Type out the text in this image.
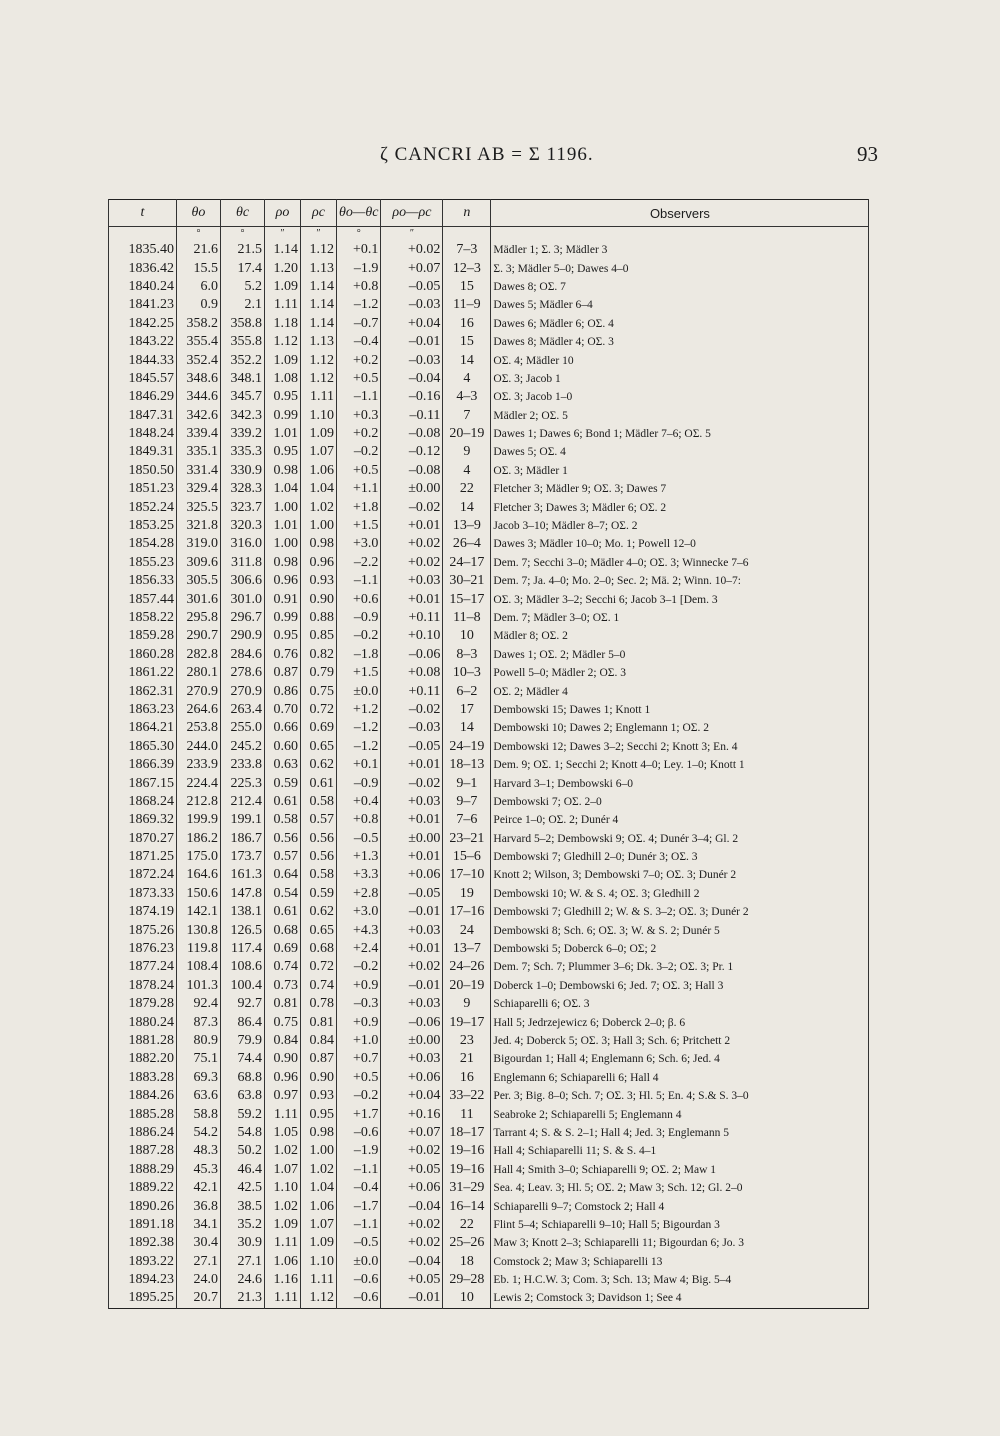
ζ CANCRI AB = Σ 1196.	93
t	θo	θc	ρo	ρc	θo—θc	ρo—ρc	n	Observers
	°	°	″	″	°	″		
1835.40	21.6	21.5	1.14	1.12	+0.1	+0.02	7–3	Mädler 1; Σ. 3; Mädler 3
1836.42	15.5	17.4	1.20	1.13	–1.9	+0.07	12–3	Σ. 3; Mädler 5–0; Dawes 4–0
1840.24	6.0	5.2	1.09	1.14	+0.8	–0.05	15	Dawes 8; OΣ. 7
1841.23	0.9	2.1	1.11	1.14	–1.2	–0.03	11–9	Dawes 5; Mädler 6–4
1842.25	358.2	358.8	1.18	1.14	–0.7	+0.04	16	Dawes 6; Mädler 6; OΣ. 4
1843.22	355.4	355.8	1.12	1.13	–0.4	–0.01	15	Dawes 8; Mädler 4; OΣ. 3
1844.33	352.4	352.2	1.09	1.12	+0.2	–0.03	14	OΣ. 4; Mädler 10
1845.57	348.6	348.1	1.08	1.12	+0.5	–0.04	4	OΣ. 3; Jacob 1
1846.29	344.6	345.7	0.95	1.11	–1.1	–0.16	4–3	OΣ. 3; Jacob 1–0
1847.31	342.6	342.3	0.99	1.10	+0.3	–0.11	7	Mädler 2; OΣ. 5
1848.24	339.4	339.2	1.01	1.09	+0.2	–0.08	20–19	Dawes 1; Dawes 6; Bond 1; Mädler 7–6; OΣ. 5
1849.31	335.1	335.3	0.95	1.07	–0.2	–0.12	9	Dawes 5; OΣ. 4
1850.50	331.4	330.9	0.98	1.06	+0.5	–0.08	4	OΣ. 3; Mädler 1
1851.23	329.4	328.3	1.04	1.04	+1.1	±0.00	22	Fletcher 3; Mädler 9; OΣ. 3; Dawes 7
1852.24	325.5	323.7	1.00	1.02	+1.8	–0.02	14	Fletcher 3; Dawes 3; Mädler 6; OΣ. 2
1853.25	321.8	320.3	1.01	1.00	+1.5	+0.01	13–9	Jacob 3–10; Mädler 8–7; OΣ. 2
1854.28	319.0	316.0	1.00	0.98	+3.0	+0.02	26–4	Dawes 3; Mädler 10–0; Mo. 1; Powell 12–0
1855.23	309.6	311.8	0.98	0.96	–2.2	+0.02	24–17	Dem. 7; Secchi 3–0; Mädler 4–0; OΣ. 3; Winnecke 7–6
1856.33	305.5	306.6	0.96	0.93	–1.1	+0.03	30–21	Dem. 7; Ja. 4–0; Mo. 2–0; Sec. 2; Mä. 2; Winn. 10–7:
1857.44	301.6	301.0	0.91	0.90	+0.6	+0.01	15–17	OΣ. 3; Mädler 3–2; Secchi 6; Jacob 3–1 [Dem. 3
1858.22	295.8	296.7	0.99	0.88	–0.9	+0.11	11–8	Dem. 7; Mädler 3–0; OΣ. 1
1859.28	290.7	290.9	0.95	0.85	–0.2	+0.10	10	Mädler 8; OΣ. 2
1860.28	282.8	284.6	0.76	0.82	–1.8	–0.06	8–3	Dawes 1; OΣ. 2; Mädler 5–0
1861.22	280.1	278.6	0.87	0.79	+1.5	+0.08	10–3	Powell 5–0; Mädler 2; OΣ. 3
1862.31	270.9	270.9	0.86	0.75	±0.0	+0.11	6–2	OΣ. 2; Mädler 4
1863.23	264.6	263.4	0.70	0.72	+1.2	–0.02	17	Dembowski 15; Dawes 1; Knott 1
1864.21	253.8	255.0	0.66	0.69	–1.2	–0.03	14	Dembowski 10; Dawes 2; Englemann 1; OΣ. 2
1865.30	244.0	245.2	0.60	0.65	–1.2	–0.05	24–19	Dembowski 12; Dawes 3–2; Secchi 2; Knott 3; En. 4
1866.39	233.9	233.8	0.63	0.62	+0.1	+0.01	18–13	Dem. 9; OΣ. 1; Secchi 2; Knott 4–0; Ley. 1–0; Knott 1
1867.15	224.4	225.3	0.59	0.61	–0.9	–0.02	9–1	Harvard 3–1; Dembowski 6–0
1868.24	212.8	212.4	0.61	0.58	+0.4	+0.03	9–7	Dembowski 7; OΣ. 2–0
1869.32	199.9	199.1	0.58	0.57	+0.8	+0.01	7–6	Peirce 1–0; OΣ. 2; Dunér 4
1870.27	186.2	186.7	0.56	0.56	–0.5	±0.00	23–21	Harvard 5–2; Dembowski 9; OΣ. 4; Dunér 3–4; Gl. 2
1871.25	175.0	173.7	0.57	0.56	+1.3	+0.01	15–6	Dembowski 7; Gledhill 2–0; Dunér 3; OΣ. 3
1872.24	164.6	161.3	0.64	0.58	+3.3	+0.06	17–10	Knott 2; Wilson, 3; Dembowski 7–0; OΣ. 3; Dunér 2
1873.33	150.6	147.8	0.54	0.59	+2.8	–0.05	19	Dembowski 10; W. & S. 4; OΣ. 3; Gledhill 2
1874.19	142.1	138.1	0.61	0.62	+3.0	–0.01	17–16	Dembowski 7; Gledhill 2; W. & S. 3–2; OΣ. 3; Dunér 2
1875.26	130.8	126.5	0.68	0.65	+4.3	+0.03	24	Dembowski 8; Sch. 6; OΣ. 3; W. & S. 2; Dunér 5
1876.23	119.8	117.4	0.69	0.68	+2.4	+0.01	13–7	Dembowski 5; Doberck 6–0; OΣ; 2
1877.24	108.4	108.6	0.74	0.72	–0.2	+0.02	24–26	Dem. 7; Sch. 7; Plummer 3–6; Dk. 3–2; OΣ. 3; Pr. 1
1878.24	101.3	100.4	0.73	0.74	+0.9	–0.01	20–19	Doberck 1–0; Dembowski 6; Jed. 7; OΣ. 3; Hall 3
1879.28	92.4	92.7	0.81	0.78	–0.3	+0.03	9	Schiaparelli 6; OΣ. 3
1880.24	87.3	86.4	0.75	0.81	+0.9	–0.06	19–17	Hall 5; Jedrzejewicz 6; Doberck 2–0; β. 6
1881.28	80.9	79.9	0.84	0.84	+1.0	±0.00	23	Jed. 4; Doberck 5; OΣ. 3; Hall 3; Sch. 6; Pritchett 2
1882.20	75.1	74.4	0.90	0.87	+0.7	+0.03	21	Bigourdan 1; Hall 4; Englemann 6; Sch. 6; Jed. 4
1883.28	69.3	68.8	0.96	0.90	+0.5	+0.06	16	Englemann 6; Schiaparelli 6; Hall 4
1884.26	63.6	63.8	0.97	0.93	–0.2	+0.04	33–22	Per. 3; Big. 8–0; Sch. 7; OΣ. 3; Hl. 5; En. 4; S.& S. 3–0
1885.28	58.8	59.2	1.11	0.95	+1.7	+0.16	11	Seabroke 2; Schiaparelli 5; Englemann 4
1886.24	54.2	54.8	1.05	0.98	–0.6	+0.07	18–17	Tarrant 4; S. & S. 2–1; Hall 4; Jed. 3; Englemann 5
1887.28	48.3	50.2	1.02	1.00	–1.9	+0.02	19–16	Hall 4; Schiaparelli 11; S. & S. 4–1
1888.29	45.3	46.4	1.07	1.02	–1.1	+0.05	19–16	Hall 4; Smith 3–0; Schiaparelli 9; OΣ. 2; Maw 1
1889.22	42.1	42.5	1.10	1.04	–0.4	+0.06	31–29	Sea. 4; Leav. 3; Hl. 5; OΣ. 2; Maw 3; Sch. 12; Gl. 2–0
1890.26	36.8	38.5	1.02	1.06	–1.7	–0.04	16–14	Schiaparelli 9–7; Comstock 2; Hall 4
1891.18	34.1	35.2	1.09	1.07	–1.1	+0.02	22	Flint 5–4; Schiaparelli 9–10; Hall 5; Bigourdan 3
1892.38	30.4	30.9	1.11	1.09	–0.5	+0.02	25–26	Maw 3; Knott 2–3; Schiaparelli 11; Bigourdan 6; Jo. 3
1893.22	27.1	27.1	1.06	1.10	±0.0	–0.04	18	Comstock 2; Maw 3; Schiaparelli 13
1894.23	24.0	24.6	1.16	1.11	–0.6	+0.05	29–28	Eb. 1; H.C.W. 3; Com. 3; Sch. 13; Maw 4; Big. 5–4
1895.25	20.7	21.3	1.11	1.12	–0.6	–0.01	10	Lewis 2; Comstock 3; Davidson 1; See 4
